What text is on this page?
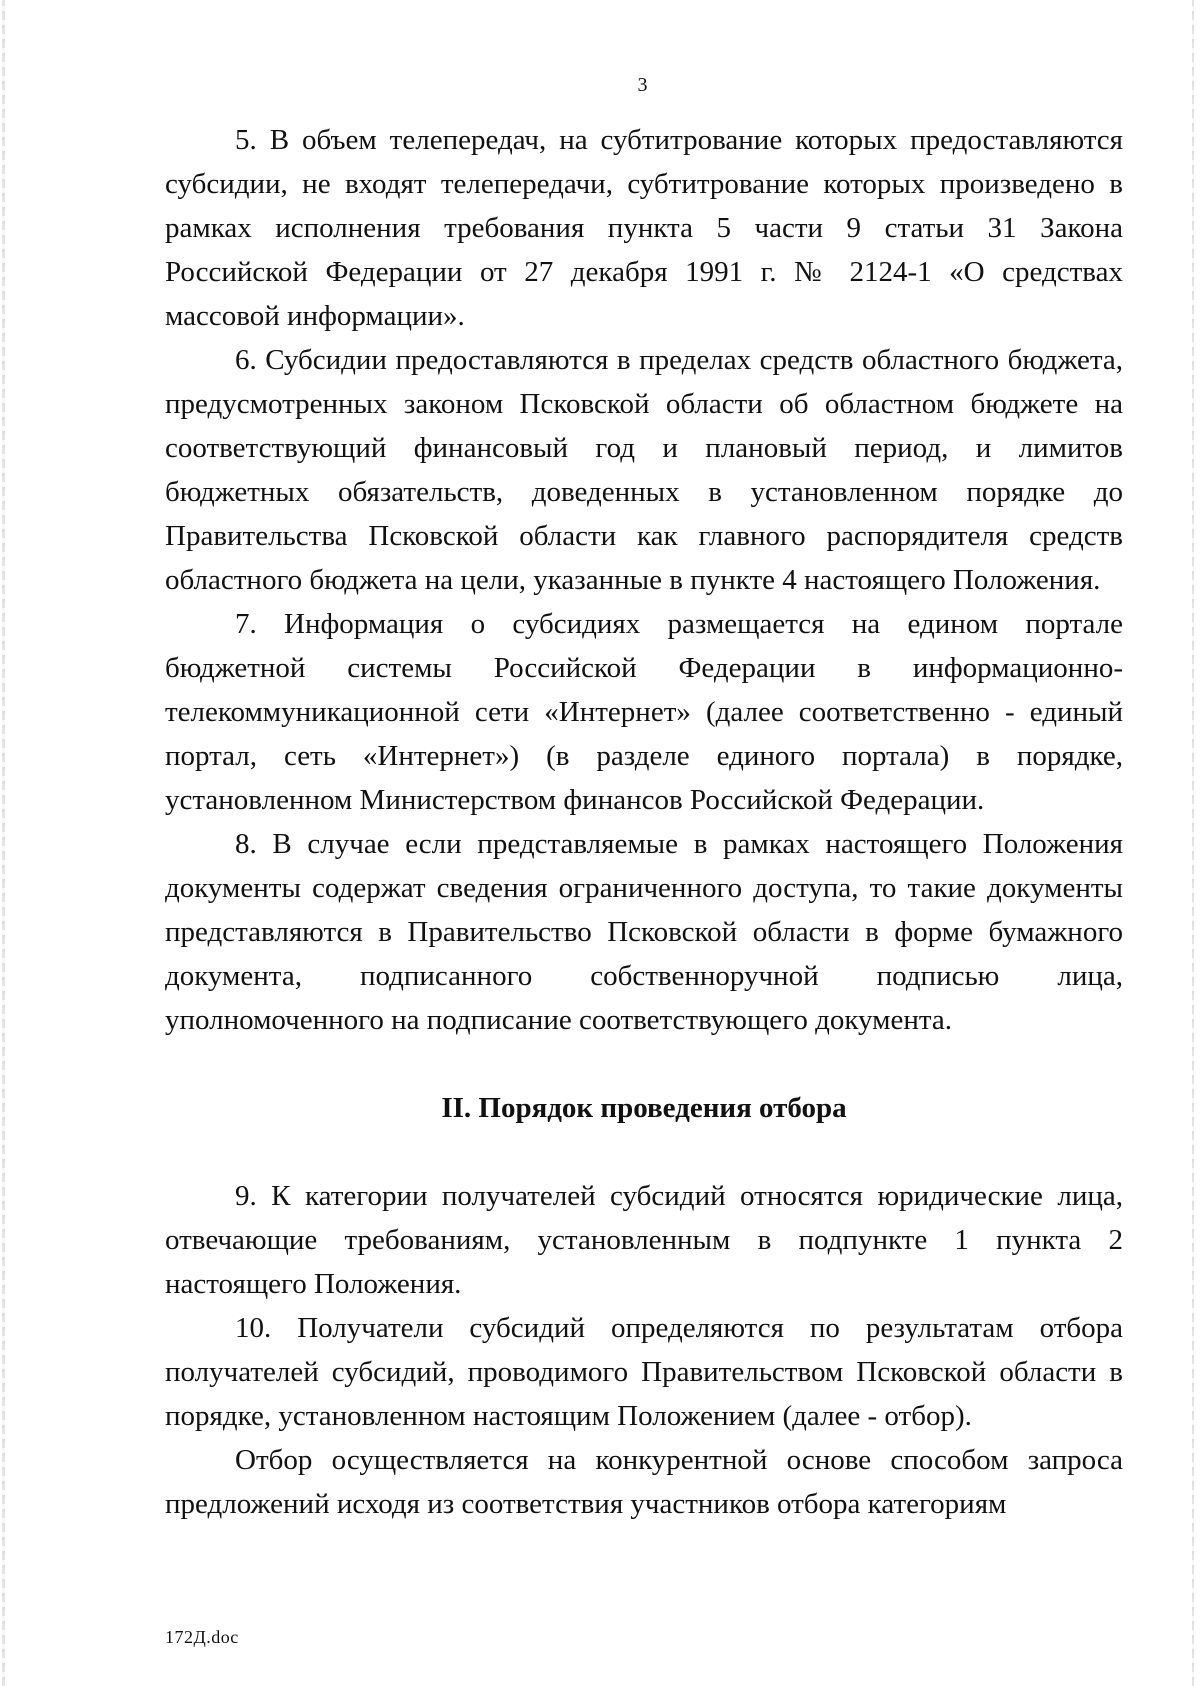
3

5. В объем телепередач, на субтитрование которых предоставляются субсидии, не входят телепередачи, субтитрование которых произведено в рамках исполнения требования пункта 5 части 9 статьи 31 Закона Российской Федерации от 27 декабря 1991 г. № 2124-1 «О средствах массовой информации».

6. Субсидии предоставляются в пределах средств областного бюджета, предусмотренных законом Псковской области об областном бюджете на соответствующий финансовый год и плановый период, и лимитов бюджетных обязательств, доведенных в установленном порядке до Правительства Псковской области как главного распорядителя средств областного бюджета на цели, указанные в пункте 4 настоящего Положения.

7. Информация о субсидиях размещается на едином портале бюджетной системы Российской Федерации в информационно-телекоммуникационной сети «Интернет» (далее соответственно - единый портал, сеть «Интернет») (в разделе единого портала) в порядке, установленном Министерством финансов Российской Федерации.

8. В случае если представляемые в рамках настоящего Положения документы содержат сведения ограниченного доступа, то такие документы представляются в Правительство Псковской области в форме бумажного документа, подписанного собственноручной подписью лица, уполномоченного на подписание соответствующего документа.

II. Порядок проведения отбора

9. К категории получателей субсидий относятся юридические лица, отвечающие требованиям, установленным в подпункте 1 пункта 2 настоящего Положения.

10. Получатели субсидий определяются по результатам отбора получателей субсидий, проводимого Правительством Псковской области в порядке, установленном настоящим Положением (далее - отбор).

Отбор осуществляется на конкурентной основе способом запроса предложений исходя из соответствия участников отбора категориям

172Д.doc
